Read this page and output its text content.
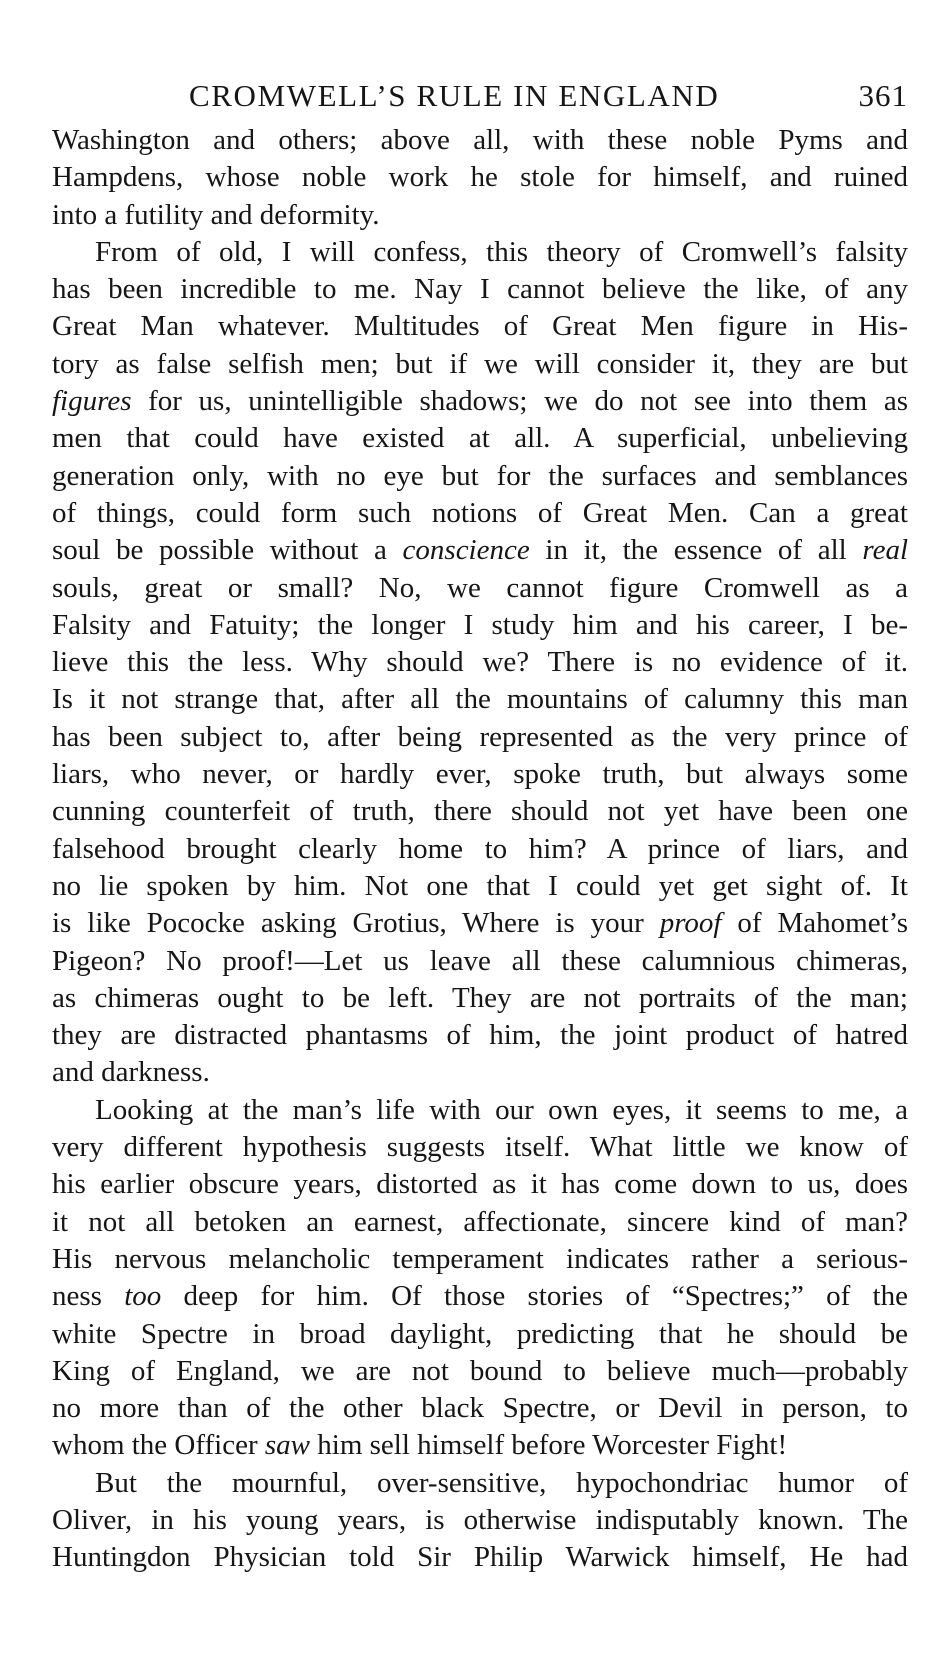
CROMWELL’S RULE IN ENGLAND	361

Washington and others; above all, with these noble Pyms and
Hampdens, whose noble work he stole for himself, and ruined
into a futility and deformity.

From of old, I will confess, this theory of Cromwell’s falsity
has been incredible to me. Nay I cannot believe the like, of any
Great Man whatever. Multitudes of Great Men figure in His-
tory as false selfish men; but if we will consider it, they are but
figures for us, unintelligible shadows; we do not see into them as
men that could have existed at all. A superficial, unbelieving
generation only, with no eye but for the surfaces and semblances
of things, could form such notions of Great Men. Can a great
soul be possible without a conscience in it, the essence of all real
souls, great or small? No, we cannot figure Cromwell as a
Falsity and Fatuity; the longer I study him and his career, I be-
lieve this the less. Why should we? There is no evidence of it.
Is it not strange that, after all the mountains of calumny this man
has been subject to, after being represented as the very prince of
liars, who never, or hardly ever, spoke truth, but always some
cunning counterfeit of truth, there should not yet have been one
falsehood brought clearly home to him? A prince of liars, and
no lie spoken by him. Not one that I could yet get sight of. It
is like Pococke asking Grotius, Where is your proof of Mahomet’s
Pigeon? No proof!—Let us leave all these calumnious chimeras,
as chimeras ought to be left. They are not portraits of the man;
they are distracted phantasms of him, the joint product of hatred
and darkness.

Looking at the man’s life with our own eyes, it seems to me, a
very different hypothesis suggests itself. What little we know of
his earlier obscure years, distorted as it has come down to us, does
it not all betoken an earnest, affectionate, sincere kind of man?
His nervous melancholic temperament indicates rather a serious-
ness too deep for him. Of those stories of “Spectres;” of the
white Spectre in broad daylight, predicting that he should be
King of England, we are not bound to believe much—probably
no more than of the other black Spectre, or Devil in person, to
whom the Officer saw him sell himself before Worcester Fight!

But the mournful, over-sensitive, hypochondriac humor of
Oliver, in his young years, is otherwise indisputably known. The
Huntingdon Physician told Sir Philip Warwick himself, He had
